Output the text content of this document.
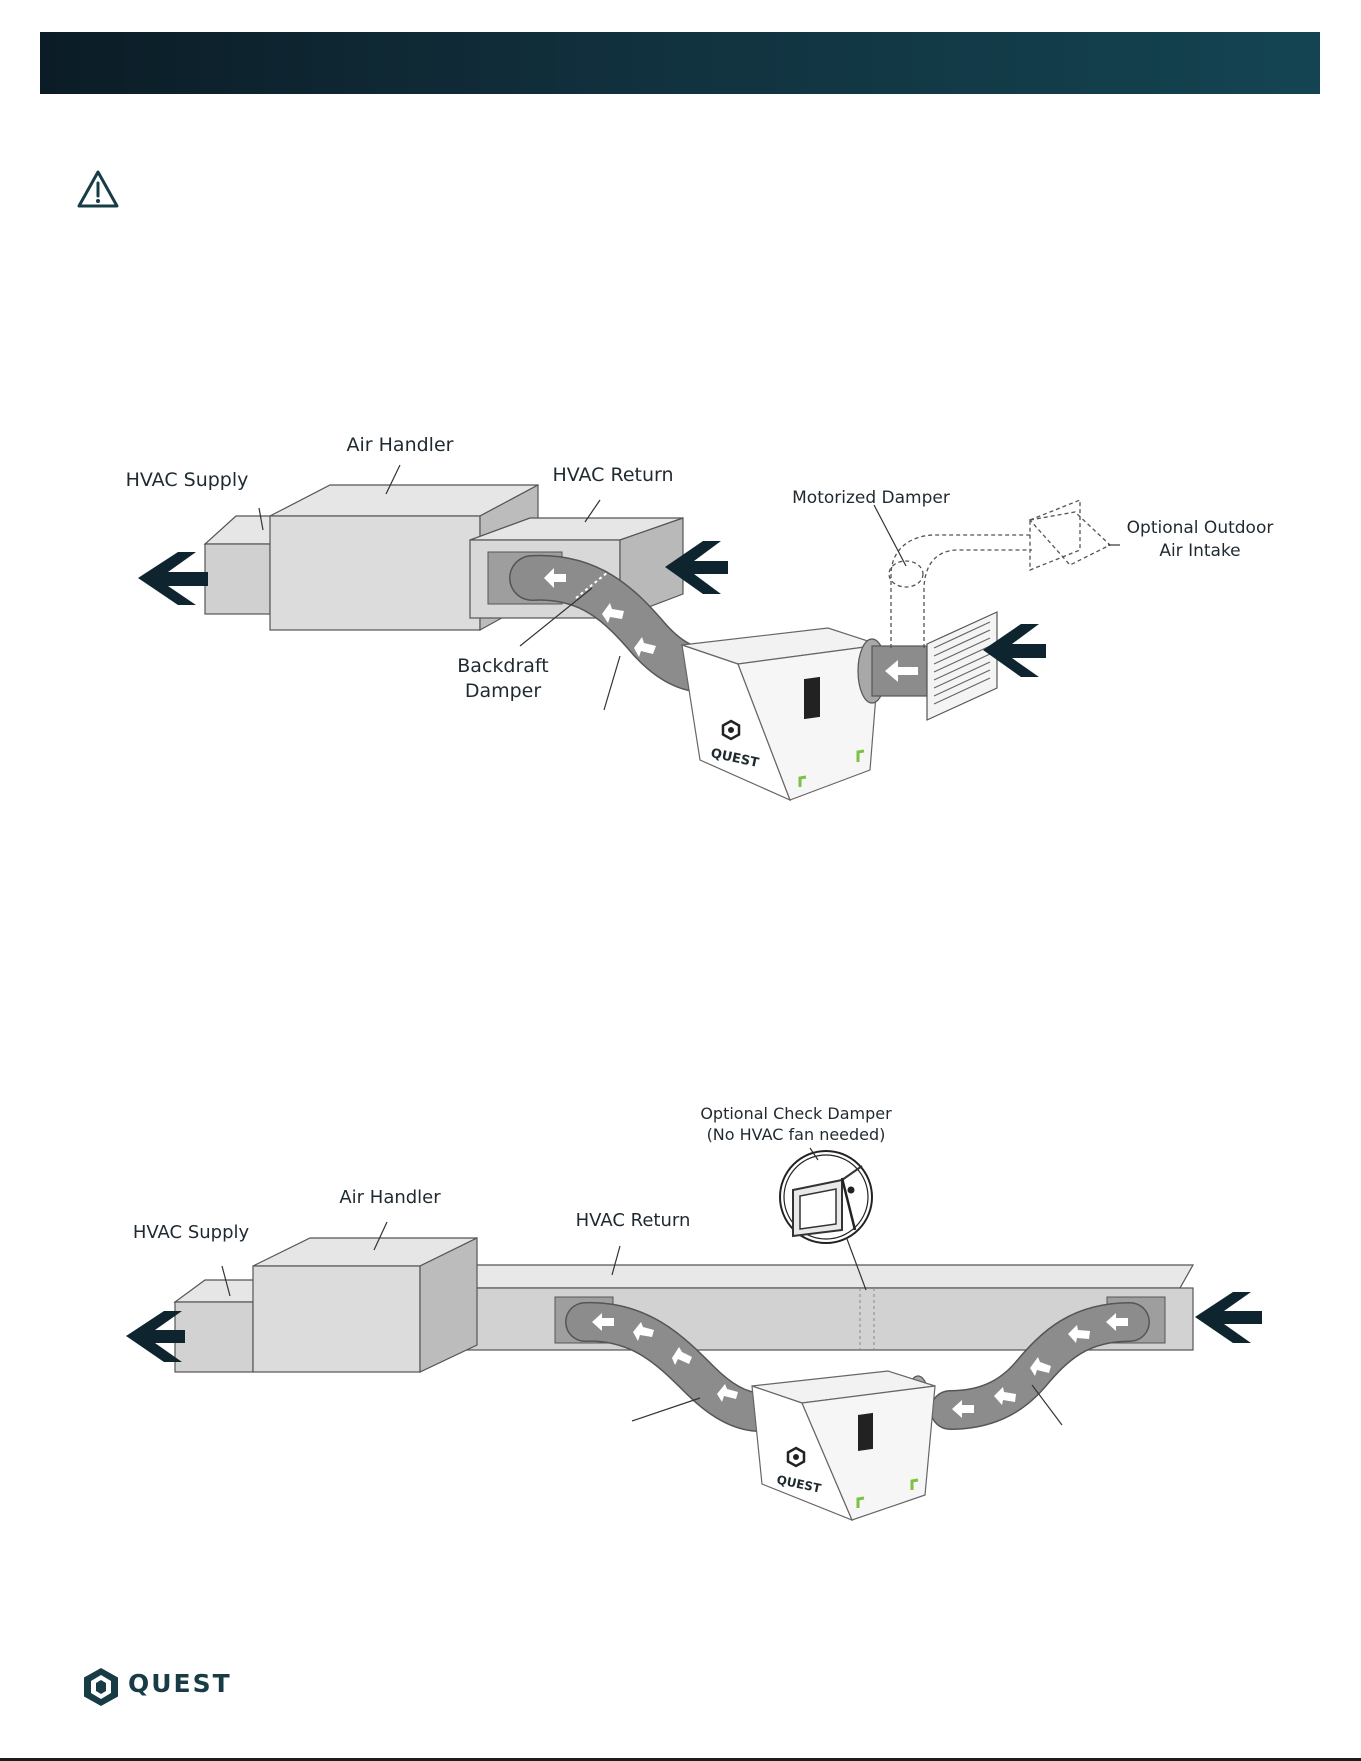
HVAC Supply
Air Handler
HVAC Return
Motorized Damper
Optional Outdoor
Air Intake
Backdraft
Damper
QUEST
HVAC Supply
Air Handler
HVAC Return
Optional Check Damper
(No HVAC fan needed)
QUEST
QUEST
